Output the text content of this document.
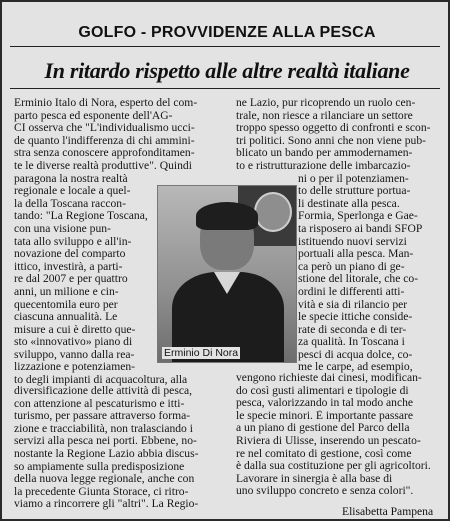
GOLFO - PROVVIDENZE ALLA PESCA
In ritardo rispetto alle altre realtà italiane
Erminio Italo di Nora, esperto del com-
parto pesca ed esponente dell'AG-
CI osserva che "L'individualismo ucci-
de quanto l'indifferenza di chi ammini-
stra senza conoscere approfonditamen-
te le diverse realtà produttive". Quindi
paragona la nostra realtà
regionale e locale a quel-
la della Toscana raccon-
tando: "La Regione Toscana,
con una visione pun-
tata allo sviluppo e all'in-
novazione del comparto
ittico, investirà, a parti-
re dal 2007 e per quattro
anni, un milione e cin-
quecentomila euro per
ciascuna annualità. Le
misure a cui è diretto que-
sto «innovativo» piano di
sviluppo, vanno dalla rea-
lizzazione e potenziamen-
to degli impianti di acquacoltura, alla
ne Lazio, pur ricoprendo un ruolo cen-
trale, non riesce a rilanciare un settore
troppo spesso oggetto di confronti e scon-
tri politici. Sono anni che non viene pub-
blicato un bando per ammodernamen-
to e ristrutturazione delle imbarcazio-
ni o per il potenziamen-
to delle strutture portua-
li destinate alla pesca.
Formia, Sperlonga e Gae-
ta risposero ai bandi SFOP
istituendo nuovi servizi
portuali alla pesca. Man-
ca però un piano di ge-
stione del litorale, che co-
ordini le differenti atti-
vità e sia di rilancio per
le specie ittiche conside-
rate di seconda e di ter-
za qualità. In Toscana i
pesci di acqua dolce, co-
me le carpe, ad esempio,
Erminio Di Nora
diversificazione delle attività di pesca,
con attenzione al pescaturismo e itti-
turismo, per passare attraverso forma-
zione e tracciabilità, non tralasciando i
servizi alla pesca nei porti. Ebbene, no-
nostante la Regione Lazio abbia discus-
so ampiamente sulla predisposizione
della nuova legge regionale, anche con
la precedente Giunta Storace, ci ritro-
viamo a rincorrere gli "altri". La Regio-
vengono richieste dai cinesi, modifican-
do così gusti alimentari e tipologie di
pesca, valorizzando in tal modo anche
le specie minori. È importante passare
a un piano di gestione del Parco della
Riviera di Ulisse, inserendo un pescato-
re nel comitato di gestione, così come
è dalla sua costituzione per gli agricoltori.
Lavorare in sinergia è alla base di
uno sviluppo concreto e senza colori".
Elisabetta Pampena
